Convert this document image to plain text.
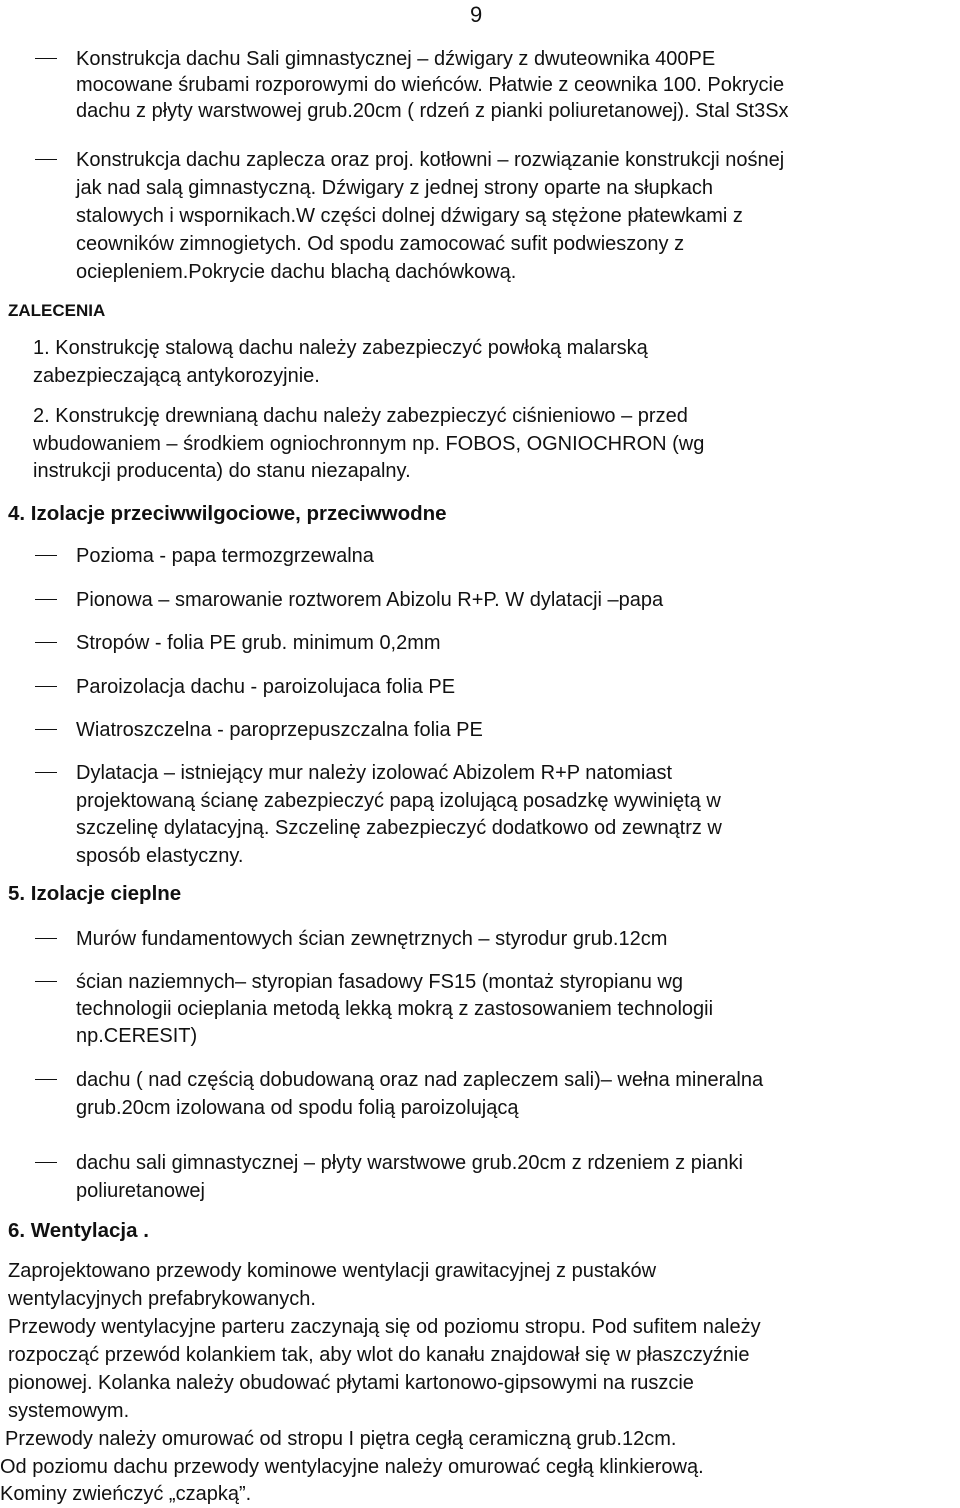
9
Konstrukcja dachu Sali gimnastycznej – dźwigary z dwuteownika 400PE
mocowane śrubami rozporowymi do wieńców. Płatwie z ceownika 100. Pokrycie
dachu z płyty warstwowej grub.20cm ( rdzeń z pianki poliuretanowej). Stal St3Sx
Konstrukcja dachu zaplecza oraz proj. kotłowni – rozwiązanie konstrukcji nośnej
jak nad salą gimnastyczną. Dźwigary z jednej strony oparte na słupkach
stalowych i wspornikach.W części dolnej dźwigary są stężone płatewkami z
ceowników zimnogietych. Od spodu zamocować sufit podwieszony z
ociepleniem.Pokrycie dachu blachą dachówkową.
ZALECENIA
1. Konstrukcję stalową dachu należy zabezpieczyć powłoką malarską
zabezpieczającą antykorozyjnie.
2. Konstrukcję drewnianą dachu należy zabezpieczyć ciśnieniowo – przed
wbudowaniem – środkiem ogniochronnym np. FOBOS, OGNIOCHRON (wg
instrukcji producenta) do stanu niezapalny.
4. Izolacje przeciwwilgociowe, przeciwwodne
Pozioma - papa termozgrzewalna
Pionowa – smarowanie roztworem Abizolu R+P. W dylatacji –papa
Stropów - folia PE grub. minimum 0,2mm
Paroizolacja dachu - paroizolujaca folia PE
Wiatroszczelna - paroprzepuszczalna folia PE
Dylatacja – istniejący mur należy izolować Abizolem R+P natomiast
projektowaną ścianę zabezpieczyć papą izolującą posadzkę wywiniętą w
szczelinę dylatacyjną. Szczelinę zabezpieczyć dodatkowo od zewnątrz w
sposób elastyczny.
5. Izolacje cieplne
Murów fundamentowych ścian zewnętrznych – styrodur grub.12cm
ścian naziemnych– styropian fasadowy FS15 (montaż styropianu wg
technologii ocieplania metodą lekką mokrą z zastosowaniem technologii
np.CERESIT)
dachu ( nad częścią dobudowaną oraz nad zapleczem sali)– wełna mineralna
grub.20cm izolowana od spodu folią paroizolującą
dachu sali gimnastycznej – płyty warstwowe grub.20cm z rdzeniem z pianki
poliuretanowej
6. Wentylacja .
Zaprojektowano przewody kominowe wentylacji grawitacyjnej z pustaków
wentylacyjnych prefabrykowanych.
Przewody wentylacyjne parteru zaczynają się od poziomu stropu. Pod sufitem należy
rozpocząć przewód kolankiem tak, aby wlot do kanału znajdował się w płaszczyźnie
pionowej. Kolanka należy obudować płytami kartonowo-gipsowymi na ruszcie
systemowym.
Przewody należy omurować od stropu I piętra cegłą ceramiczną grub.12cm.
Od poziomu dachu przewody wentylacyjne należy omurować cegłą klinkierową.
Kominy zwieńczyć „czapką”.
